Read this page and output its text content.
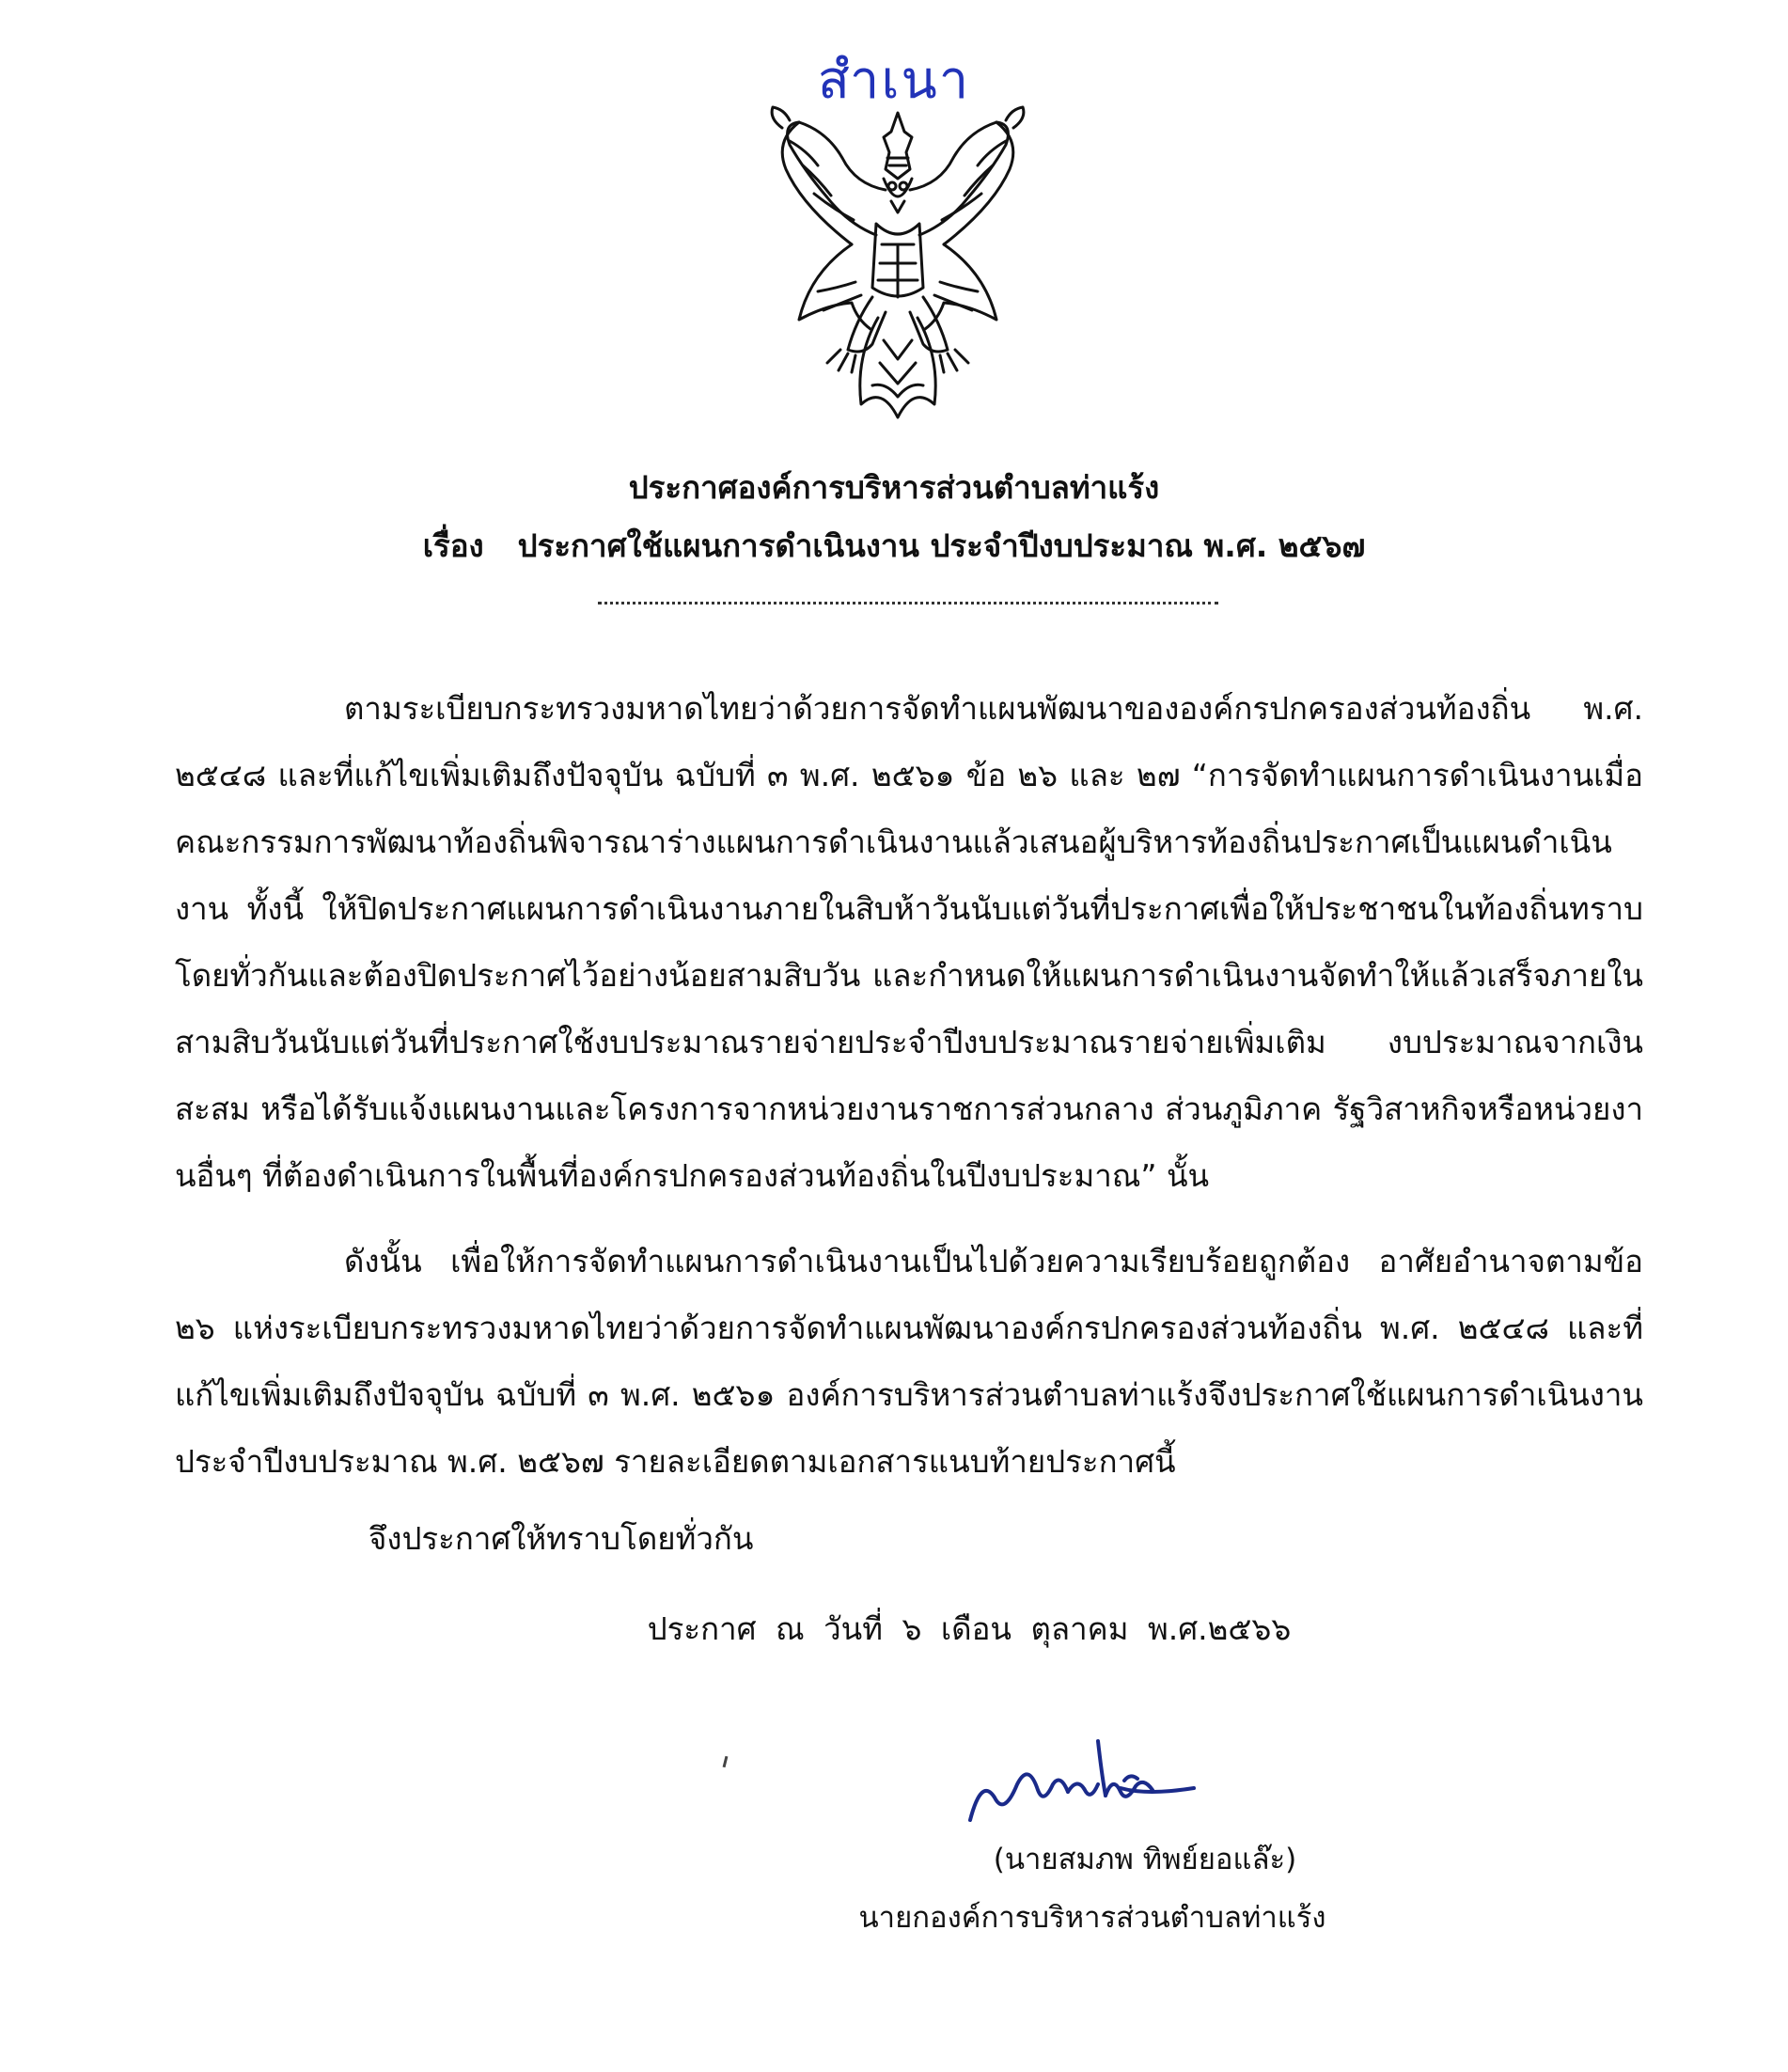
สำเนา
ประกาศองค์การบริหารส่วนตำบลท่าแร้ง
เรื่อง ประกาศใช้แผนการดำเนินงาน ประจำปีงบประมาณ พ.ศ. ๒๕๖๗

ตามระเบียบกระทรวงมหาดไทยว่าด้วยการจัดทำแผนพัฒนาขององค์กรปกครองส่วนท้องถิ่น พ.ศ. ๒๕๔๘ และที่แก้ไขเพิ่มเติมถึงปัจจุบัน ฉบับที่ ๓ พ.ศ. ๒๕๖๑ ข้อ ๒๖ และ ๒๗ “การจัดทำแผนการดำเนินงานเมื่อคณะกรรมการพัฒนาท้องถิ่นพิจารณาร่างแผนการดำเนินงานแล้วเสนอผู้บริหารท้องถิ่นประกาศเป็นแผนดำเนินงาน ทั้งนี้ ให้ปิดประกาศแผนการดำเนินงานภายในสิบห้าวันนับแต่วันที่ประกาศเพื่อให้ประชาชนในท้องถิ่นทราบ โดยทั่วกันและต้องปิดประกาศไว้อย่างน้อยสามสิบวัน และกำหนดให้แผนการดำเนินงานจัดทำให้แล้วเสร็จภายในสามสิบวันนับแต่วันที่ประกาศใช้งบประมาณรายจ่ายประจำปีงบประมาณรายจ่ายเพิ่มเติม งบประมาณจากเงินสะสม หรือได้รับแจ้งแผนงานและโครงการจากหน่วยงานราชการส่วนกลาง ส่วนภูมิภาค รัฐวิสาหกิจหรือหน่วยงานอื่นๆ ที่ต้องดำเนินการในพื้นที่องค์กรปกครองส่วนท้องถิ่นในปีงบประมาณ” นั้น

ดังนั้น เพื่อให้การจัดทำแผนการดำเนินงานเป็นไปด้วยความเรียบร้อยถูกต้อง อาศัยอำนาจตามข้อ ๒๖ แห่งระเบียบกระทรวงมหาดไทยว่าด้วยการจัดทำแผนพัฒนาองค์กรปกครองส่วนท้องถิ่น พ.ศ. ๒๕๔๘ และที่แก้ไขเพิ่มเติมถึงปัจจุบัน ฉบับที่ ๓ พ.ศ. ๒๕๖๑ องค์การบริหารส่วนตำบลท่าแร้งจึงประกาศใช้แผนการดำเนินงาน ประจำปีงบประมาณ พ.ศ. ๒๕๖๗ รายละเอียดตามเอกสารแนบท้ายประกาศนี้

จึงประกาศให้ทราบโดยทั่วกัน
ประกาศ ณ วันที่ ๖ เดือน ตุลาคม พ.ศ.๒๕๖๖
(นายสมภพ ทิพย์ยอแล๊ะ)
นายกองค์การบริหารส่วนตำบลท่าแร้ง
